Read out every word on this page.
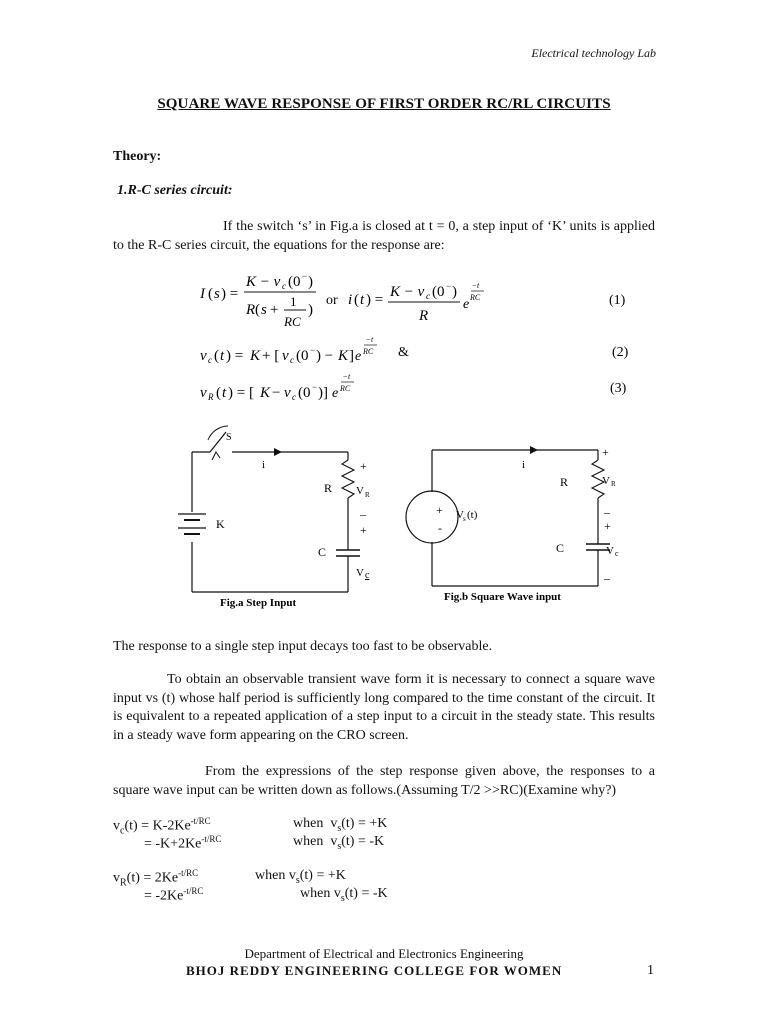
Electrical technology Lab
SQUARE WAVE RESPONSE OF FIRST ORDER RC/RL CIRCUITS
Theory:
1.R-C series circuit:
If the switch ‘s’ in Fig.a is closed at t = 0, a step input of ‘K’ units is applied to the R-C series circuit, the equations for the response are:
I ( s ) =
K − v c (0 − )
R ( s +
1
RC
)
or i ( t ) = K − v c (0 − )
R
e
− t
RC	(1)
v c ( t ) = K + [ v c (0 − ) − K ] e
− t
RC &	(2)
v R ( t ) = [ K − v c (0 − )] e
− t
RC	(3)
S
i
R
+
V R
_
+
C
V c
K
Fig.a Step Input
+
-
V s (t)
i
R
+
V R
_
+
C	V c
_
Fig.b Square Wave input
The response to a single step input decays too fast to be observable.
To obtain an observable transient wave form it is necessary to connect a square wave input vs (t) whose half period is sufficiently long compared to the time constant of the circuit. It is equivalent to a repeated application of a step input to a circuit in the steady state. This results in a steady wave form appearing on the CRO screen.
From the expressions of the step response given above, the responses to a square wave input can be written down as follows.(Assuming T/2 >>RC)(Examine why?)
$v_c(t) = K-2Ke^{-t/RC}$	when  $v_s(t) = +K$
= $-K+2Ke^{-t/RC}$	when  $v_s(t) = -K$
$v_R(t) = 2Ke^{-t/RC}$	when $v_s(t) = +K$
= $-2Ke^{-t/RC}$	when $v_s(t) = -K$
Department of Electrical and Electronics Engineering
BHOJ REDDY ENGINEERING COLLEGE FOR WOMEN	1
